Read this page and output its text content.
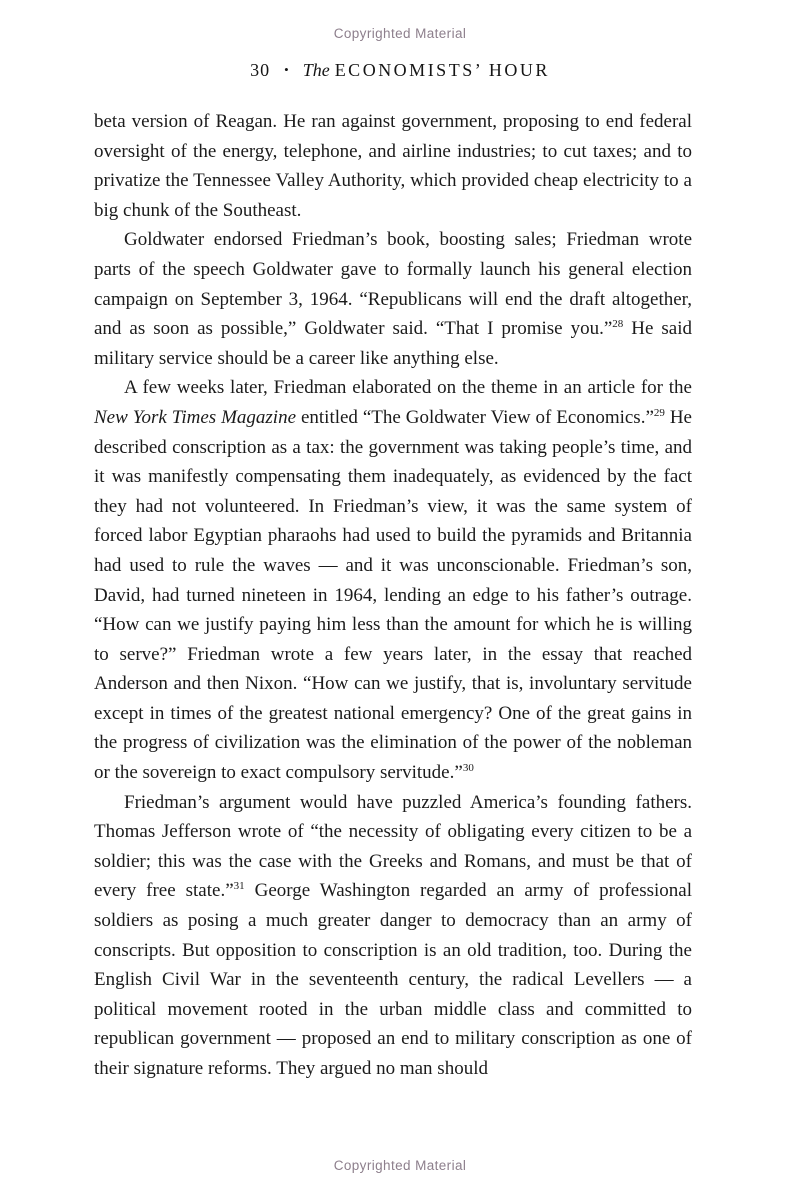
Copyrighted Material
30 • The ECONOMISTS’ HOUR

beta version of Reagan. He ran against government, proposing to end federal oversight of the energy, telephone, and airline industries; to cut taxes; and to privatize the Tennessee Valley Authority, which provided cheap electricity to a big chunk of the Southeast.

Goldwater endorsed Friedman’s book, boosting sales; Friedman wrote parts of the speech Goldwater gave to formally launch his general election campaign on September 3, 1964. “Republicans will end the draft altogether, and as soon as possible,” Goldwater said. “That I promise you.”$^{28}$ He said military service should be a career like anything else.

A few weeks later, Friedman elaborated on the theme in an article for the New York Times Magazine entitled “The Goldwater View of Economics.”$^{29}$ He described conscription as a tax: the government was taking people’s time, and it was manifestly compensating them inadequately, as evidenced by the fact they had not volunteered. In Friedman’s view, it was the same system of forced labor Egyptian pharaohs had used to build the pyramids and Britannia had used to rule the waves — and it was unconscionable. Friedman’s son, David, had turned nineteen in 1964, lending an edge to his father’s outrage. “How can we justify paying him less than the amount for which he is willing to serve?” Friedman wrote a few years later, in the essay that reached Anderson and then Nixon. “How can we justify, that is, involuntary servitude except in times of the greatest national emergency? One of the great gains in the progress of civilization was the elimination of the power of the nobleman or the sovereign to exact compulsory servitude.”$^{30}$

Friedman’s argument would have puzzled America’s founding fathers. Thomas Jefferson wrote of “the necessity of obligating every citizen to be a soldier; this was the case with the Greeks and Romans, and must be that of every free state.”$^{31}$ George Washington regarded an army of professional soldiers as posing a much greater danger to democracy than an army of conscripts. But opposition to conscription is an old tradition, too. During the English Civil War in the seventeenth century, the radical Levellers — a political movement rooted in the urban middle class and committed to republican government — proposed an end to military conscription as one of their signature reforms. They argued no man should

Copyrighted Material
